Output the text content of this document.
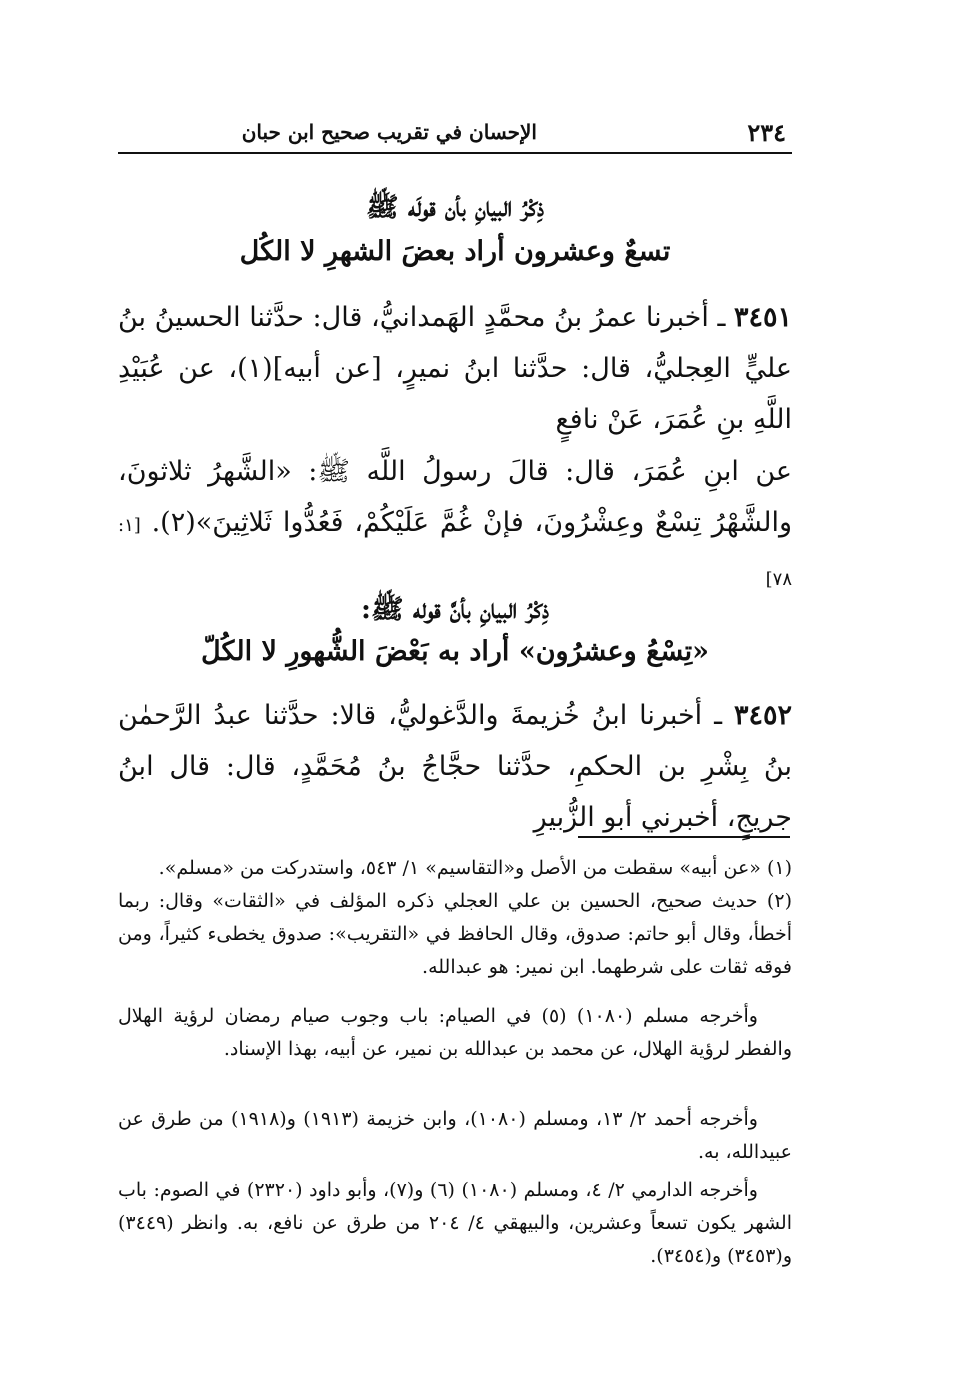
٢٣٤
الإحسان في تقريب صحيح ابن حبان
ذِكْرُ البيانِ بأن قولَه ﷺ
تسعٌ وعشرون أراد بعضَ الشهرِ لا الكُل
٣٤٥١ ـ أخبرنا عمرُ بنُ محمَّدٍ الهَمدانيُّ، قال: حدَّثنا الحسينُ بنُ عليٍّ العِجليُّ، قال: حدَّثنا ابنُ نميرٍ، [عن أبيه](١)، عن عُبَيْدِ اللَّهِ بنِ عُمَرَ، عَنْ نافعٍ
عن ابنِ عُمَرَ، قال: قالَ رسولُ اللَّه ﷺ: «الشَّهرُ ثلاثونَ، والشَّهْرُ تِسْعٌ وعِشْرُونَ، فإنْ غُمَّ عَلَيْكُمْ، فَعُدُّوا ثَلاثِينَ»(٢). [١: ٧٨]
ذِكْرُ البيانِ بأنَّ قوله ﷺ:
«تِسْعُ وعشرُون» أراد به بَعْضَ الشُّهورِ لا الكُلّ
٣٤٥٢ ـ أخبرنا ابنُ خُزيمةَ والدَّغوليُّ، قالا: حدَّثنا عبدُ الرَّحمٰن بنُ بِشْرِ بن الحكمِ، حدَّثنا حجَّاجُ بنُ مُحَمَّدٍ، قال: قال ابنُ جريجٍ، أخبرني أبو الزُّبيرِ
(١) «عن أبيه» سقطت من الأصل و«التقاسيم» ١/ ٥٤٣، واستدركت من «مسلم».
(٢) حديث صحيح، الحسين بن علي العجلي ذكره المؤلف في «الثقات» وقال: ربما أخطأ، وقال أبو حاتم: صدوق، وقال الحافظ في «التقريب»: صدوق يخطىء كثيراً، ومن فوقه ثقات على شرطهما. ابن نمير: هو عبدالله.
وأخرجه مسلم (١٠٨٠) (٥) في الصيام: باب وجوب صيام رمضان لرؤية الهلال والفطر لرؤية الهلال، عن محمد بن عبدالله بن نمير، عن أبيه، بهذا الإسناد.
وأخرجه أحمد ٢/ ١٣، ومسلم (١٠٨٠)، وابن خزيمة (١٩١٣) و(١٩١٨) من طرق عن عبيدالله، به.
وأخرجه الدارمي ٢/ ٤، ومسلم (١٠٨٠) (٦) و(٧)، وأبو داود (٢٣٢٠) في الصوم: باب الشهر يكون تسعاً وعشرين، والبيهقي ٤/ ٢٠٤ من طرق عن نافع، به. وانظر (٣٤٤٩) و(٣٤٥٣) و(٣٤٥٤).
